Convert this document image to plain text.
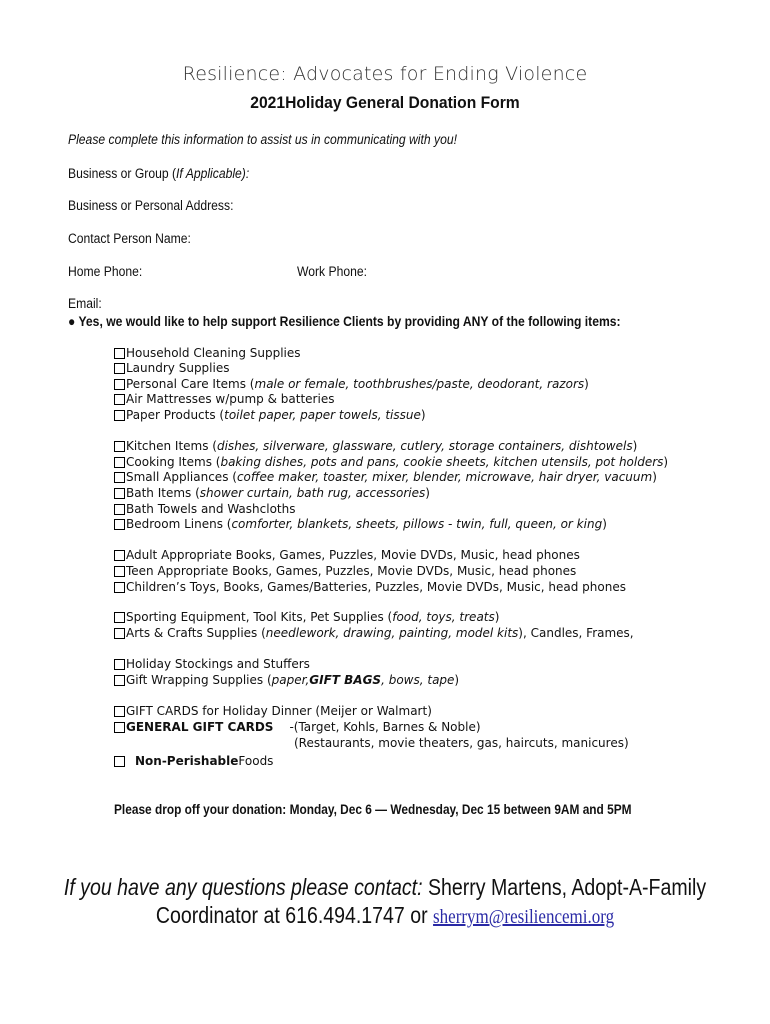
Resilience: Advocates for Ending Violence
2021Holiday General Donation Form
Please complete this information to assist us in communicating with you!
Business or Group (If Applicable):
Business or Personal Address:
Contact Person Name:
Home Phone:	Work Phone:
Email:
● Yes, we would like to help support Resilience Clients by providing ANY of the following items:
Household Cleaning Supplies
Laundry Supplies
Personal Care Items ( male or female, toothbrushes/paste, deodorant, razors )
Air Mattresses w/pump & batteries
Paper Products ( toilet paper, paper towels, tissue )
Kitchen Items ( dishes, silverware, glassware, cutlery, storage containers, dishtowels )
Cooking Items ( baking dishes, pots and pans, cookie sheets, kitchen utensils, pot holders )
Small Appliances ( coffee maker, toaster, mixer, blender, microwave, hair dryer, vacuum )
Bath Items ( shower curtain, bath rug, accessories )
Bath Towels and Washcloths
Bedroom Linens ( comforter, blankets, sheets, pillows - twin, full, queen, or king )
Adult Appropriate Books, Games, Puzzles, Movie DVDs, Music, head phones
Teen Appropriate Books, Games, Puzzles, Movie DVDs, Music, head phones
Children’s Toys, Books, Games/Batteries, Puzzles, Movie DVDs, Music, head phones
Sporting Equipment, Tool Kits, Pet Supplies ( food, toys, treats )
Arts & Crafts Supplies ( needlework, drawing, painting, model kits ), Candles, Frames,
Holiday Stockings and Stuffers
Gift Wrapping Supplies ( paper, GIFT BAGS , bows, tape )
GIFT CARDS for Holiday Dinner (Meijer or Walmart)
GENERAL GIFT CARDS -(Target, Kohls, Barnes & Noble)
(Restaurants, movie theaters, gas, haircuts, manicures)
Non-Perishable Foods
Please drop off your donation: Monday, Dec 6 — Wednesday, Dec 15 between 9AM and 5PM
If you have any questions please contact: Sherry Martens, Adopt-A-Family
Coordinator at 616.494.1747 or sherrym@resiliencemi.org
